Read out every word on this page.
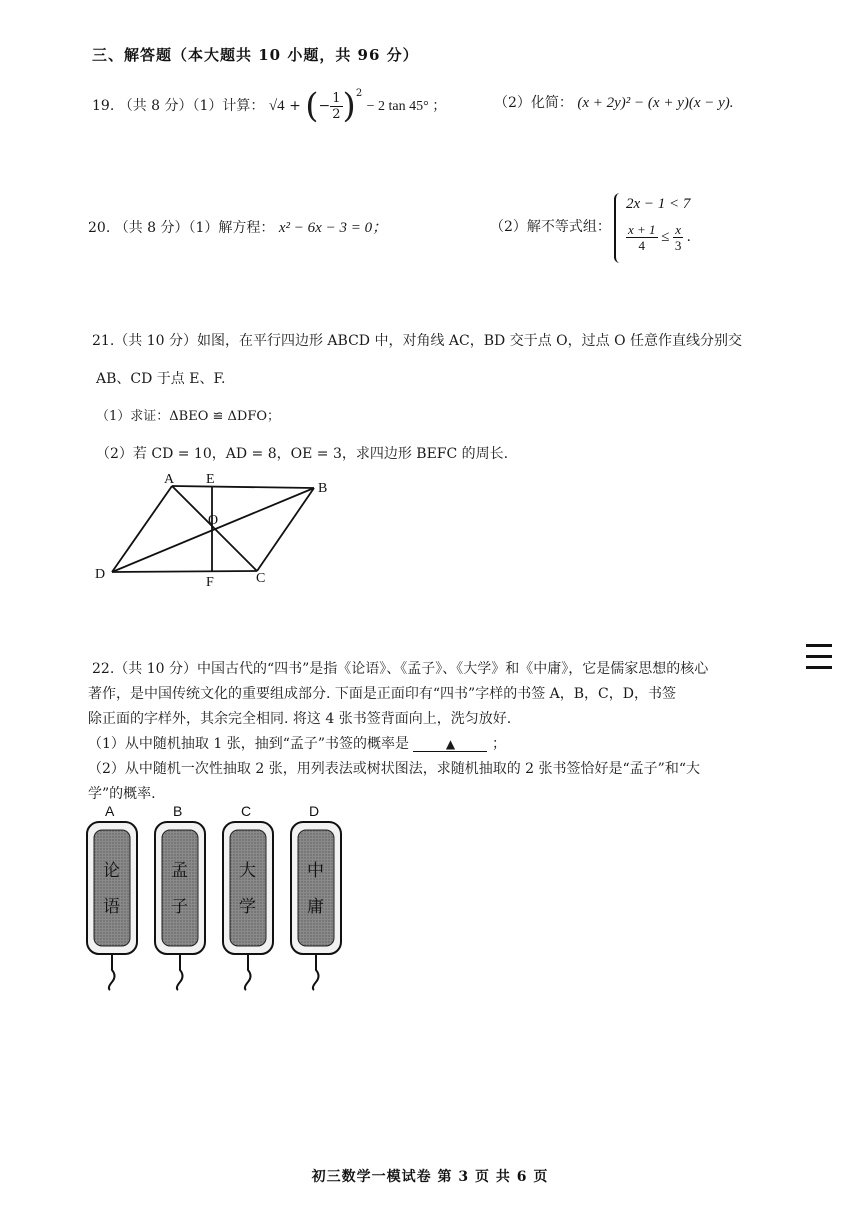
三、解答题（本大题共 10 小题，共 96 分）
19. （共 8 分）（1）计算： √4 + (− $\frac{1}{2} )^2 - 2$ tan 45° ；	（2）化简： (x + 2y)² − (x + y)(x − y).
20. （共 8 分）（1）解方程： x² − 6x − 3 = 0；	（2）解不等式组：
2x − 1 < 7
$\frac{x + 1}{4} \le \frac{x}{3}$ .
21.（共 10 分）如图，在平行四边形 ABCD 中，对角线 AC，BD 交于点 O，过点 O 任意作直线分别交
AB、CD 于点 E、F.
（1）求证：ΔBEO ≌ ΔDFO；
（2）若 CD = 10，AD = 8，OE = 3，求四边形 BEFC 的周长.
A E
B
O
D
F	C
22.（共 10 分）中国古代的“四书”是指《论语》、《孟子》、《大学》和《中庸》，它是儒家思想的核心
著作，是中国传统文化的重要组成部分. 下面是正面印有“四书”字样的书签 A，B，C，D，书签
除正面的字样外，其余完全相同. 将这 4 张书签背面向上，洗匀放好.
（1）从中随机抽取 1 张，抽到“孟子”书签的概率是	▲	；
（2）从中随机一次性抽取 2 张，用列表法或树状图法，求随机抽取的 2 张书签恰好是“孟子”和“大
学”的概率.
A
论
语
B
孟
子
C
大
学
D
中
庸
初三数学一模试卷 第 3 页 共 6 页
